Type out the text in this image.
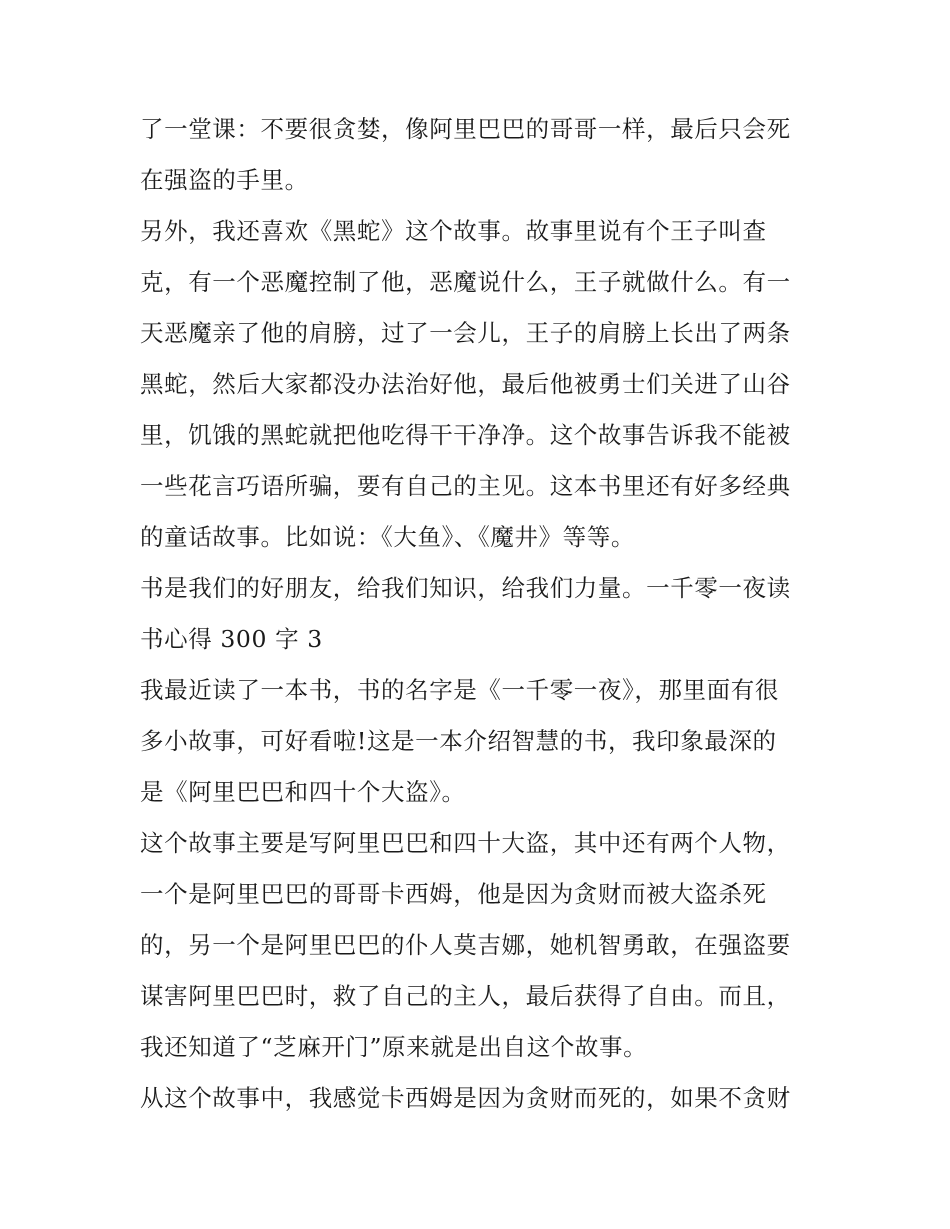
了一堂课：不要很贪婪，像阿里巴巴的哥哥一样，最后只会死
在强盗的手里。
另外，我还喜欢《黑蛇》这个故事。故事里说有个王子叫查
克，有一个恶魔控制了他，恶魔说什么，王子就做什么。有一
天恶魔亲了他的肩膀，过了一会儿，王子的肩膀上长出了两条
黑蛇，然后大家都没办法治好他，最后他被勇士们关进了山谷
里，饥饿的黑蛇就把他吃得干干净净。这个故事告诉我不能被
一些花言巧语所骗，要有自己的主见。这本书里还有好多经典
的童话故事。比如说：《大鱼》、《魔井》等等。
书是我们的好朋友，给我们知识，给我们力量。一千零一夜读
书心得 300 字 3
我最近读了一本书，书的名字是《一千零一夜》，那里面有很
多小故事，可好看啦!这是一本介绍智慧的书，我印象最深的
是《阿里巴巴和四十个大盗》。
这个故事主要是写阿里巴巴和四十大盗，其中还有两个人物，
一个是阿里巴巴的哥哥卡西姆，他是因为贪财而被大盗杀死
的，另一个是阿里巴巴的仆人莫吉娜，她机智勇敢，在强盗要
谋害阿里巴巴时，救了自己的主人，最后获得了自由。而且，
我还知道了“芝麻开门”原来就是出自这个故事。
从这个故事中，我感觉卡西姆是因为贪财而死的，如果不贪财
